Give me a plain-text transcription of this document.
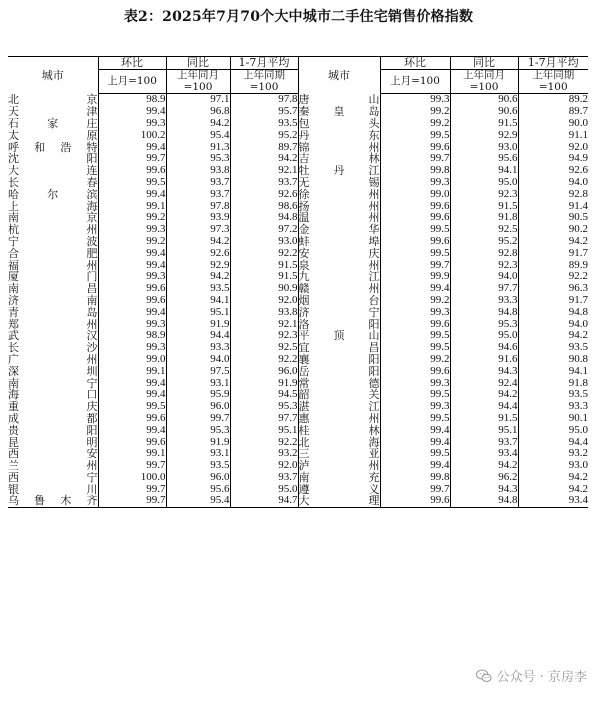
表2：2025年7月70个大中城市二手住宅销售价格指数
城市	环比	同比	1-7月平均	城市	环比	同比	1-7月平均
	上月=100	上年同月=100	上年同期=100		上月=100	上年同月=100	上年同期=100
北　京	98.9	97.1	97.8	唐　山	99.3	90.6	89.2
天　津	99.4	96.8	95.7	秦皇岛	99.2	90.6	89.7
石家庄	99.3	94.2	93.5	包　头	99.2	91.5	90.0
太　原	100.2	95.4	95.2	丹　东	99.5	92.9	91.1
呼和浩特	99.4	91.3	89.7	锦　州	99.6	93.0	92.0
沈　阳	99.7	95.3	94.2	吉　林	99.7	95.6	94.9
大　连	99.6	93.8	92.1	牡丹江	99.8	94.1	92.6
长　春	99.5	93.7	93.7	无　锡	99.3	95.0	94.0
哈尔滨	99.4	93.7	92.6	徐　州	99.0	92.3	92.8
上　海	99.1	97.8	98.6	扬　州	99.6	91.5	91.4
南　京	99.2	93.9	94.8	温　州	99.6	91.8	90.5
杭　州	99.3	97.3	97.2	金　华	99.5	92.5	90.2
宁　波	99.2	94.2	93.0	蚌　埠	99.6	95.2	94.2
合　肥	99.4	92.6	92.2	安　庆	99.5	92.8	91.7
福　州	99.4	92.9	91.5	泉　州	99.7	92.3	89.9
厦　门	99.3	94.2	91.5	九　江	99.9	94.0	92.2
南　昌	99.6	93.5	90.9	赣　州	99.4	97.7	96.3
济　南	99.6	94.1	92.0	烟　台	99.2	93.3	91.7
青　岛	99.4	95.1	93.8	济　宁	99.3	94.8	94.8
郑　州	99.3	91.9	92.1	洛　阳	99.6	95.3	94.0
武　汉	98.9	94.4	92.3	平顶山	99.5	95.0	94.2
长　沙	99.3	93.3	92.5	宜　昌	99.5	94.6	93.5
广　州	99.0	94.0	92.2	襄　阳	99.2	91.6	90.8
深　圳	99.1	97.5	96.0	岳　阳	99.6	94.3	94.1
南　宁	99.4	93.1	91.9	常　德	99.3	92.4	91.8
海　口	99.4	95.9	94.5	韶　关	99.5	94.2	93.5
重　庆	99.5	96.0	95.3	湛　江	99.3	94.4	93.3
成　都	99.6	99.7	97.7	惠　州	99.5	91.5	90.1
贵　阳	99.4	95.3	95.1	桂　林	99.4	95.1	95.0
昆　明	99.6	91.9	92.2	北　海	99.4	93.7	94.4
西　安	99.1	93.1	93.2	三　亚	99.5	93.4	93.2
兰　州	99.7	93.5	92.0	泸　州	99.4	94.2	93.0
西　宁	100.0	96.0	93.7	南　充	99.8	96.2	94.2
银　川	99.7	95.6	95.0	遵　义	99.7	94.3	94.2
乌鲁木齐	99.7	95.4	94.7	大　理	99.6	94.8	93.4
公众号 · 京房李
